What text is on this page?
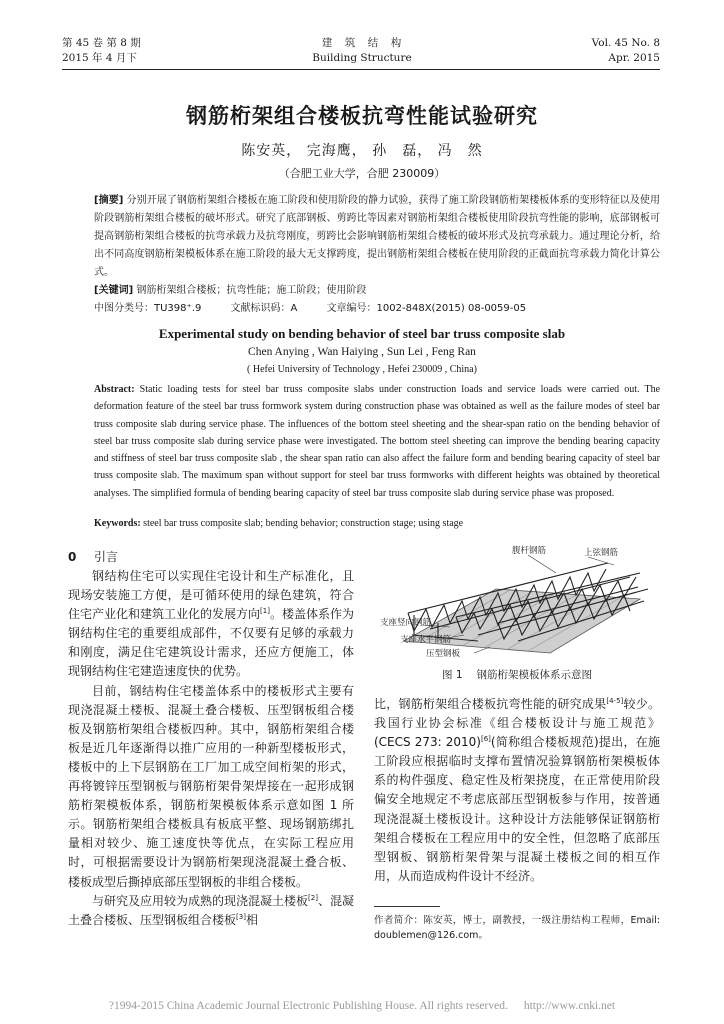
第 45 卷 第 8 期
2015 年 4 月下
建　筑　结　构
Building Structure
Vol. 45 No. 8
Apr. 2015
钢筋桁架组合楼板抗弯性能试验研究
陈安英， 完海鹰， 孙　磊， 冯　然
（合肥工业大学，合肥 230009）
[摘要] 分别开展了钢筋桁架组合楼板在施工阶段和使用阶段的静力试验，获得了施工阶段钢筋桁架楼板体系的变形特征以及使用阶段钢筋桁架组合楼板的破坏形式。研究了底部钢板、剪跨比等因素对钢筋桁架组合楼板使用阶段抗弯性能的影响，底部钢板可提高钢筋桁架组合楼板的抗弯承载力及抗弯刚度，剪跨比会影响钢筋桁架组合楼板的破坏形式及抗弯承载力。通过理论分析，给出不同高度钢筋桁架模板体系在施工阶段的最大无支撑跨度，提出钢筋桁架组合楼板在使用阶段的正截面抗弯承载力简化计算公式。
[关键词] 钢筋桁架组合楼板；抗弯性能；施工阶段；使用阶段
中图分类号：TU398⁺.9	文献标识码：A	文章编号：1002-848X(2015) 08-0059-05
Experimental study on bending behavior of steel bar truss composite slab
Chen Anying , Wan Haiying , Sun Lei , Feng Ran
( Hefei University of Technology , Hefei 230009 , China)
Abstract: Static loading tests for steel bar truss composite slabs under construction loads and service loads were carried out. The deformation feature of the steel bar truss formwork system during construction phase was obtained as well as the failure modes of steel bar truss composite slab during service phase. The influences of the bottom steel sheeting and the shear-span ratio on the bending behavior of steel bar truss composite slab during service phase were investigated. The bottom steel sheeting can improve the bending bearing capacity and stiffness of steel bar truss composite slab , the shear span ratio can also affect the failure form and bending bearing capacity of steel bar truss composite slab. The maximum span without support for steel bar truss formworks with different heights was obtained by theoretical analyses. The simplified formula of bending bearing capacity of steel bar truss composite slab during service phase was proposed.
Keywords: steel bar truss composite slab; bending behavior; construction stage; using stage
0 引言

钢结构住宅可以实现住宅设计和生产标准化，且现场安装施工方便，是可循环使用的绿色建筑，符合住宅产业化和建筑工业化的发展方向[1]。楼盖体系作为钢结构住宅的重要组成部件，不仅要有足够的承载力和刚度，满足住宅建筑设计需求，还应方便施工，体现钢结构住宅建造速度快的优势。

目前，钢结构住宅楼盖体系中的楼板形式主要有现浇混凝土楼板、混凝土叠合楼板、压型钢板组合楼板及钢筋桁架组合楼板四种。其中，钢筋桁架组合楼板是近几年逐渐得以推广应用的一种新型楼板形式，楼板中的上下层钢筋在工厂加工成空间桁架的形式，再将镀锌压型钢板与钢筋桁架骨架焊接在一起形成钢筋桁架模板体系，钢筋桁架模板体系示意如图 1 所示。钢筋桁架组合楼板具有板底平整、现场钢筋绑扎量相对较少、施工速度快等优点，在实际工程应用时，可根据需要设计为钢筋桁架现浇混凝土叠合板、楼板成型后撕掉底部压型钢板的非组合楼板。

与研究及应用较为成熟的现浇混凝土楼板[2]、混凝土叠合楼板、压型钢板组合楼板[3]相

腹杆钢筋	上弦钢筋
支座竖向钢筋
支座水平钢筋
压型钢板
图 1 钢筋桁架模板体系示意图

比，钢筋桁架组合楼板抗弯性能的研究成果[4-5]较少。我国行业协会标准《组合楼板设计与施工规范》(CECS 273: 2010)[6](简称组合楼板规范)提出，在施工阶段应根据临时支撑布置情况验算钢筋桁架模板体系的构件强度、稳定性及桁架挠度，在正常使用阶段偏安全地规定不考虑底部压型钢板参与作用，按普通现浇混凝土楼板设计。这种设计方法能够保证钢筋桁架组合楼板在工程应用中的安全性，但忽略了底部压型钢板、钢筋桁架骨架与混凝土楼板之间的相互作用，从而造成构件设计不经济。

作者简介：陈安英，博士，副教授，一级注册结构工程师，Email: doublemen@126.com。
?1994-2015 China Academic Journal Electronic Publishing House. All rights reserved. http://www.cnki.net
